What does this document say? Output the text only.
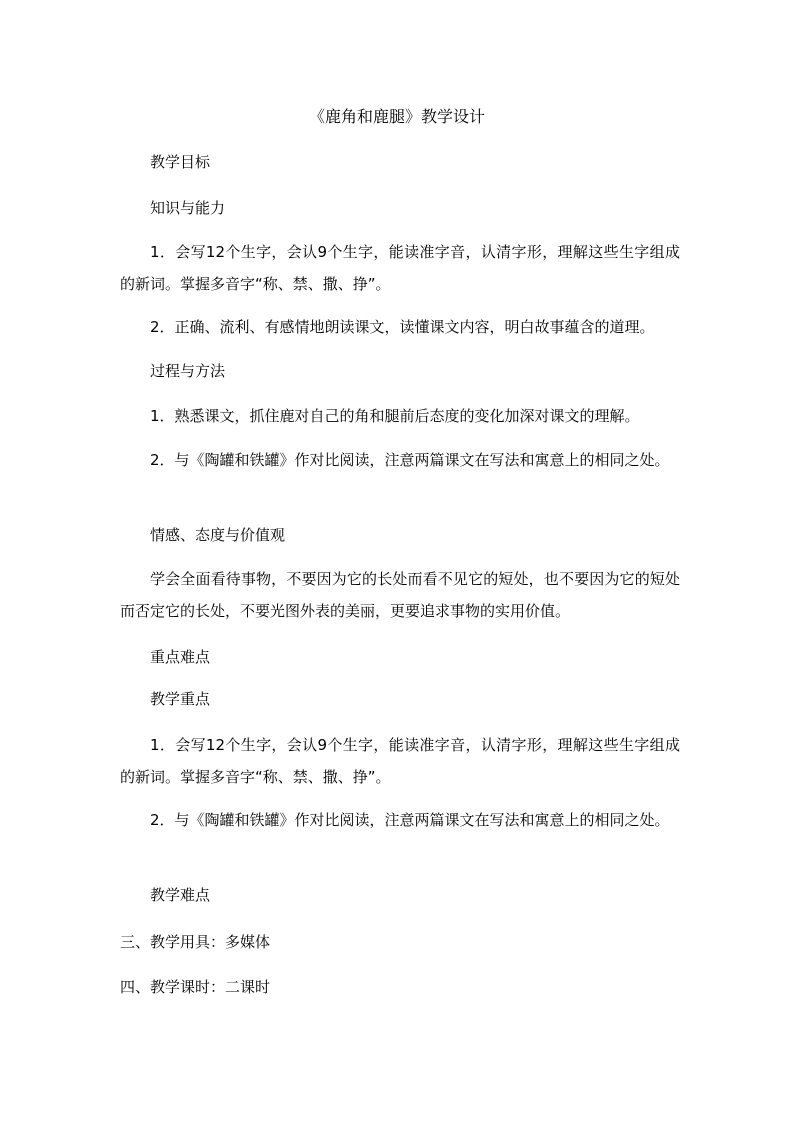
《鹿角和鹿腿》教学设计
教学目标
知识与能力
1．会写12个生字，会认9个生字，能读准字音，认清字形，理解这些生字组成的新词。掌握多音字“称、禁、撒、挣”。
2．正确、流利、有感情地朗读课文，读懂课文内容，明白故事蕴含的道理。
过程与方法
1．熟悉课文，抓住鹿对自己的角和腿前后态度的变化加深对课文的理解。
2．与《陶罐和铁罐》作对比阅读，注意两篇课文在写法和寓意上的相同之处。
情感、态度与价值观
学会全面看待事物，不要因为它的长处而看不见它的短处，也不要因为它的短处而否定它的长处，不要光图外表的美丽，更要追求事物的实用价值。
重点难点
教学重点
1．会写12个生字，会认9个生字，能读准字音，认清字形，理解这些生字组成的新词。掌握多音字“称、禁、撒、挣”。
2．与《陶罐和铁罐》作对比阅读，注意两篇课文在写法和寓意上的相同之处。
教学难点
三、教学用具：多媒体
四、教学课时：二课时
